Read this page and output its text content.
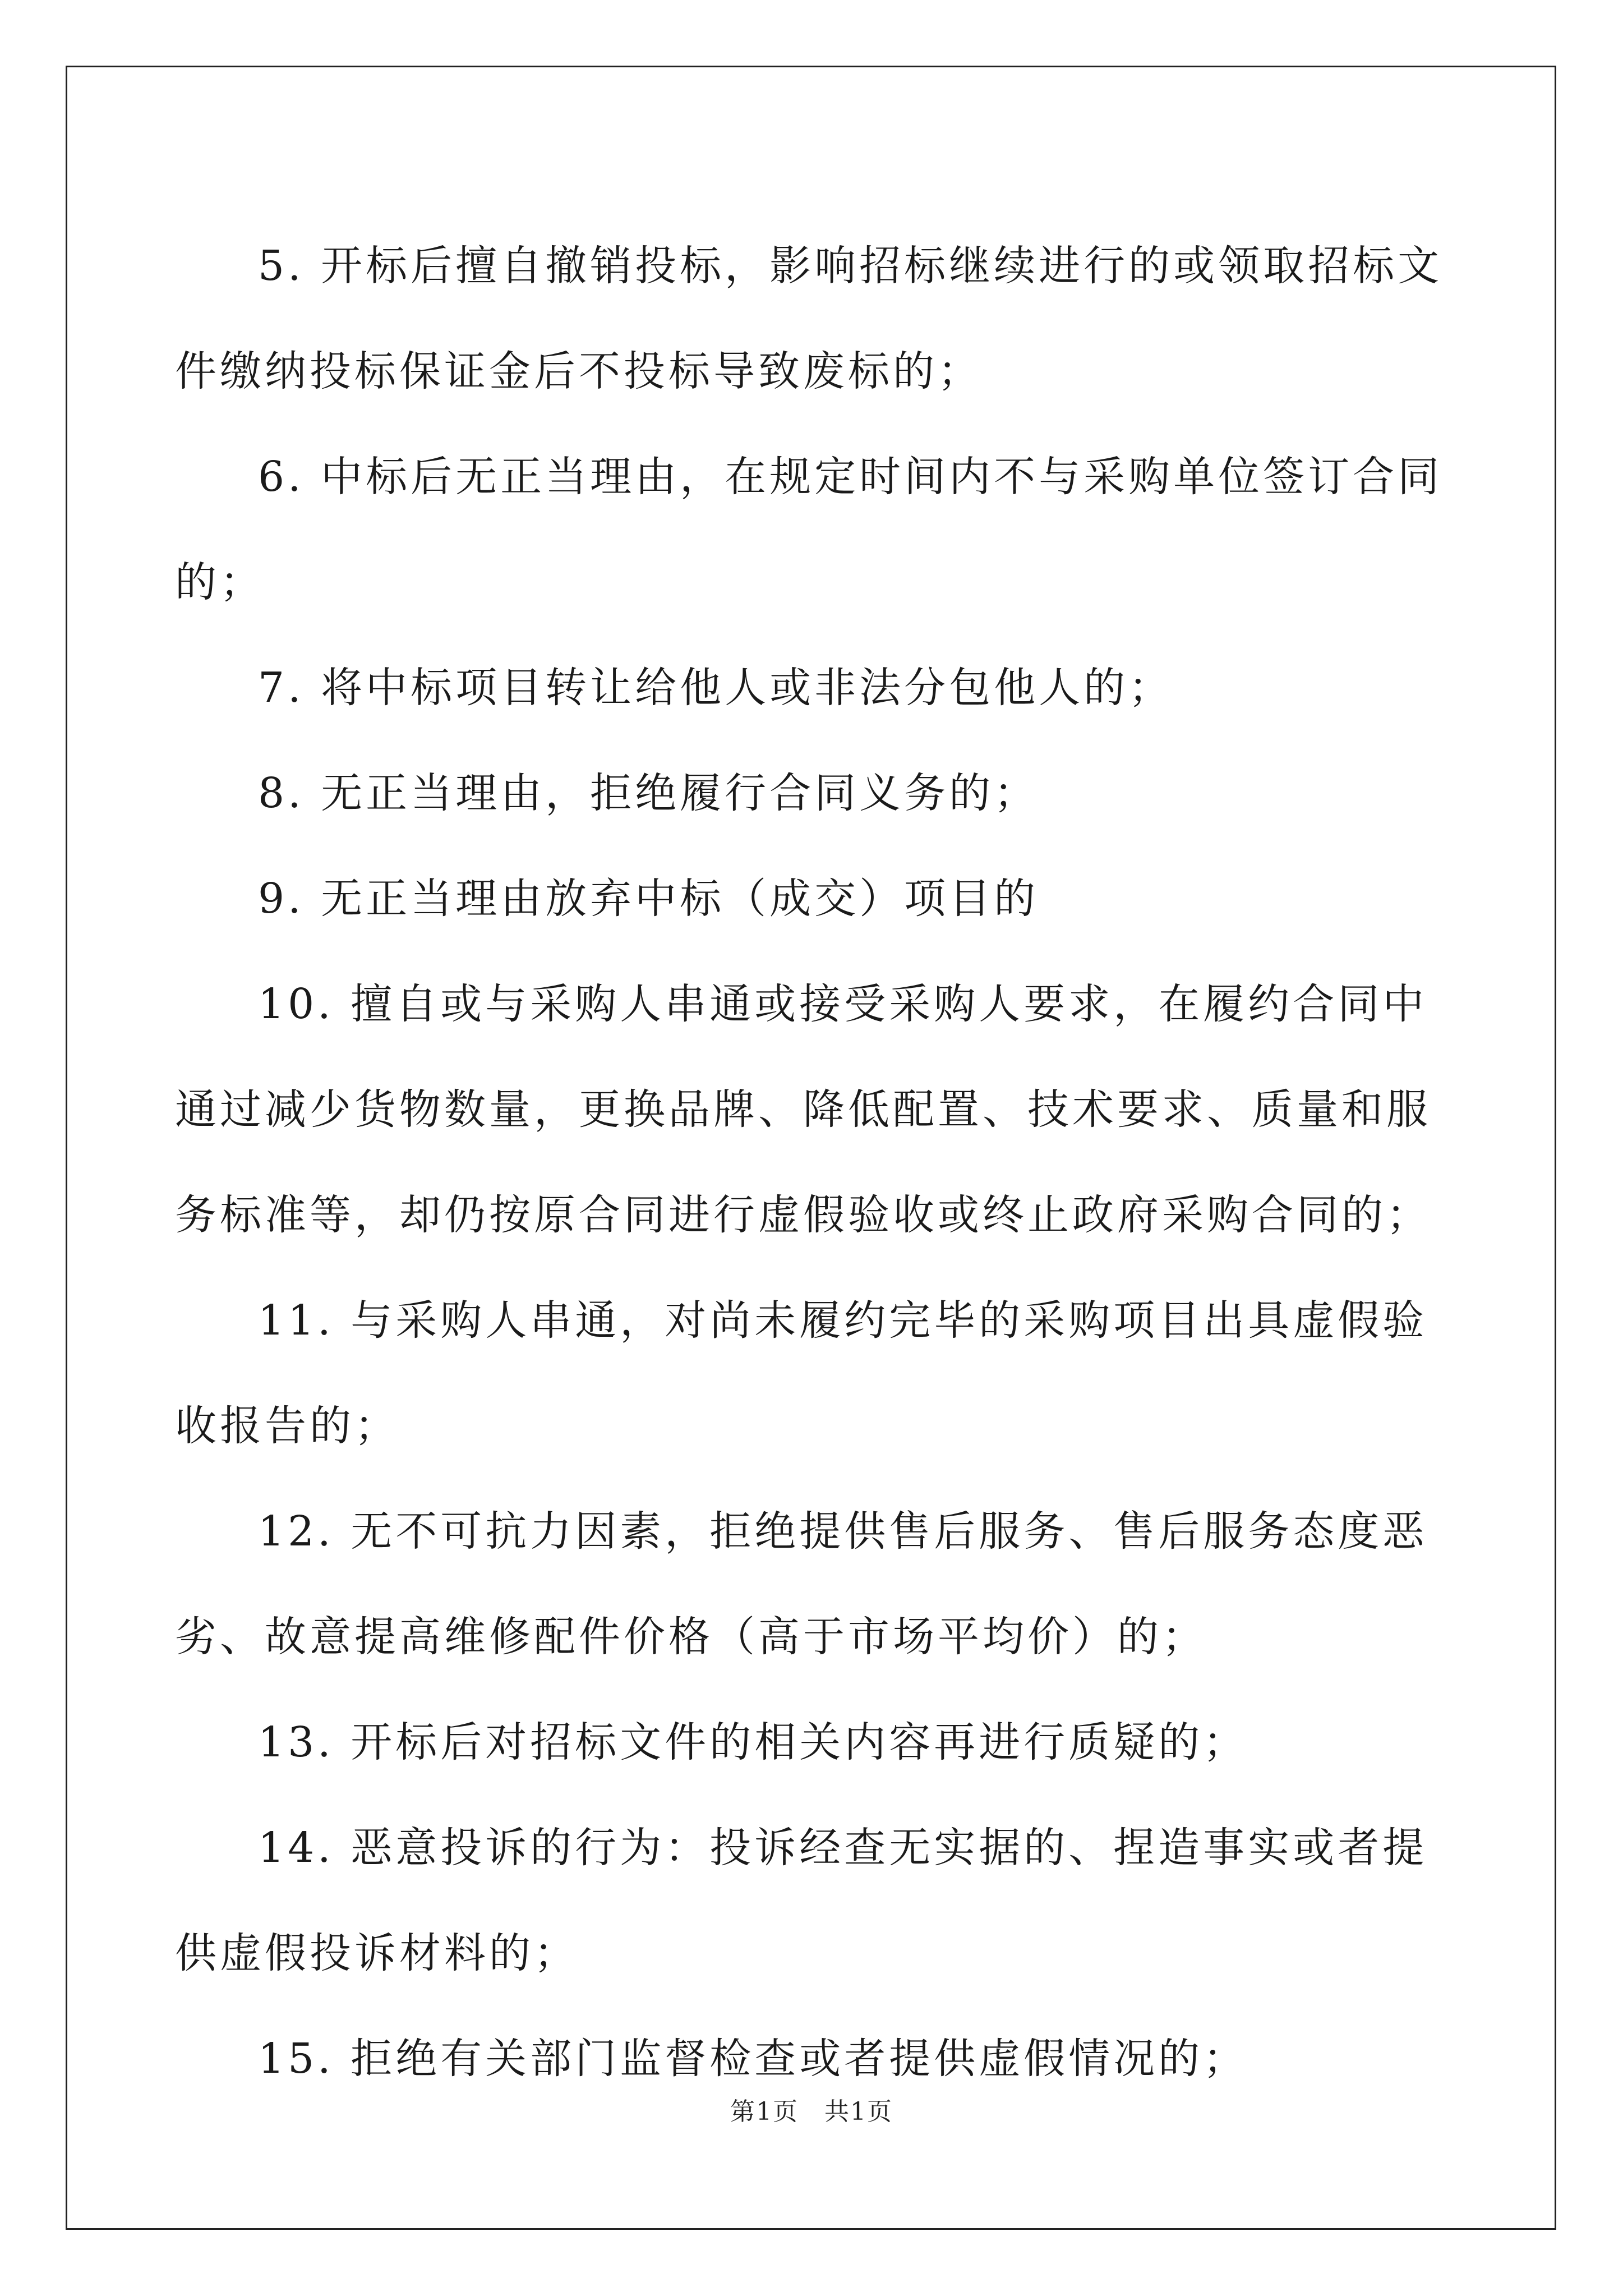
5. 开标后擅自撤销投标，影响招标继续进行的或领取招标文件缴纳投标保证金后不投标导致废标的；

6. 中标后无正当理由，在规定时间内不与采购单位签订合同的；

7. 将中标项目转让给他人或非法分包他人的；

8. 无正当理由，拒绝履行合同义务的；

9. 无正当理由放弃中标（成交）项目的

10. 擅自或与采购人串通或接受采购人要求，在履约合同中通过减少货物数量，更换品牌、降低配置、技术要求、质量和服务标准等，却仍按原合同进行虚假验收或终止政府采购合同的；

11. 与采购人串通，对尚未履约完毕的采购项目出具虚假验收报告的；

12. 无不可抗力因素，拒绝提供售后服务、售后服务态度恶劣、故意提高维修配件价格（高于市场平均价）的；

13. 开标后对招标文件的相关内容再进行质疑的；

14. 恶意投诉的行为：投诉经查无实据的、捏造事实或者提供虚假投诉材料的；

15. 拒绝有关部门监督检查或者提供虚假情况的；

第1页　共1页
